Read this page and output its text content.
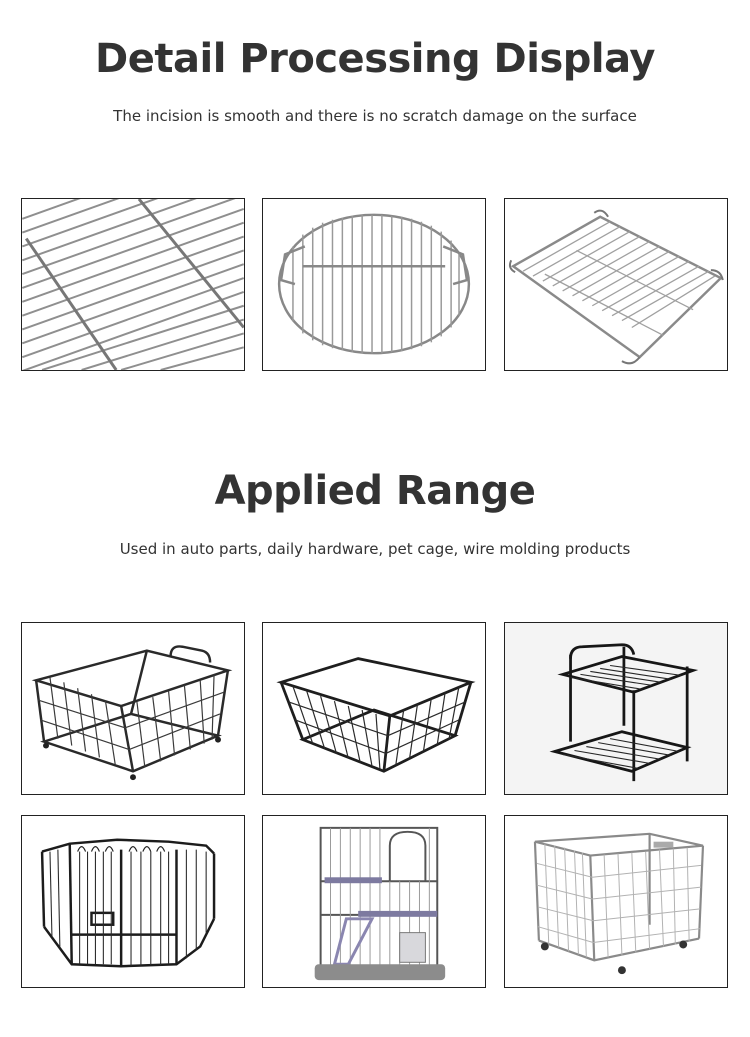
Detail Processing Display
The incision is smooth and there is no scratch damage on the surface
Applied Range
Used in auto parts, daily hardware, pet cage, wire molding products
